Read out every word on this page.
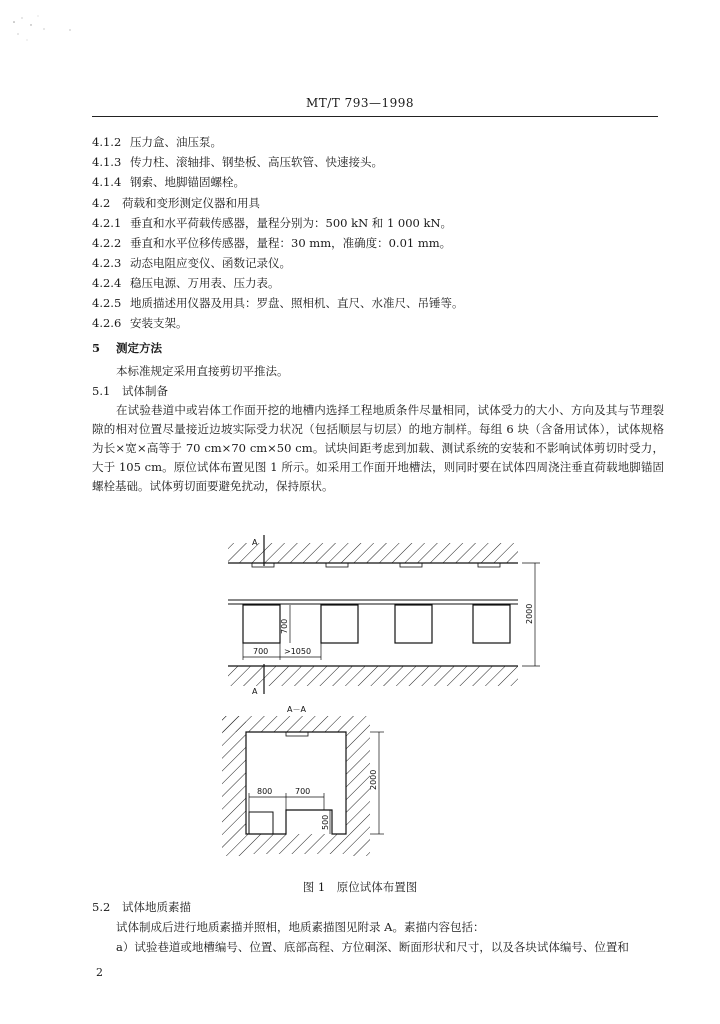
MT/T 793—1998
4.1.2 压力盒、油压泵。
4.1.3 传力柱、滚轴排、钢垫板、高压软管、快速接头。
4.1.4 钢索、地脚锚固螺栓。
4.2 荷载和变形测定仪器和用具
4.2.1 垂直和水平荷载传感器，量程分别为：500 kN 和 1 000 kN。
4.2.2 垂直和水平位移传感器，量程：30 mm，准确度：0.01 mm。
4.2.3 动态电阻应变仪、函数记录仪。
4.2.4 稳压电源、万用表、压力表。
4.2.5 地质描述用仪器及用具：罗盘、照相机、直尺、水准尺、吊锤等。
4.2.6 安装支架。
5 测定方法
本标准规定采用直接剪切平推法。
5.1 试体制备
在试验巷道中或岩体工作面开挖的地槽内选择工程地质条件尽量相同，试体受力的大小、方向及其与节理裂隙的相对位置尽量接近边坡实际受力状况（包括顺层与切层）的地方制样。每组 6 块（含备用试体），试体规格为长×宽×高等于 70 cm×70 cm×50 cm。试块间距考虑到加载、测试系统的安装和不影响试体剪切时受力，大于 105 cm。原位试体布置见图 1 所示。如采用工作面开地槽法，则同时要在试体四周浇注垂直荷载地脚锚固螺栓基础。试体剪切面要避免扰动，保持原状。
A
A
700 >1050
700
2000
A－A
800	700
500
2000
图 1　原位试体布置图
5.2 试体地质素描
试体制成后进行地质素描并照相，地质素描图见附录 A。素描内容包括：
a）试验巷道或地槽编号、位置、底部高程、方位硐深、断面形状和尺寸，以及各块试体编号、位置和
2
